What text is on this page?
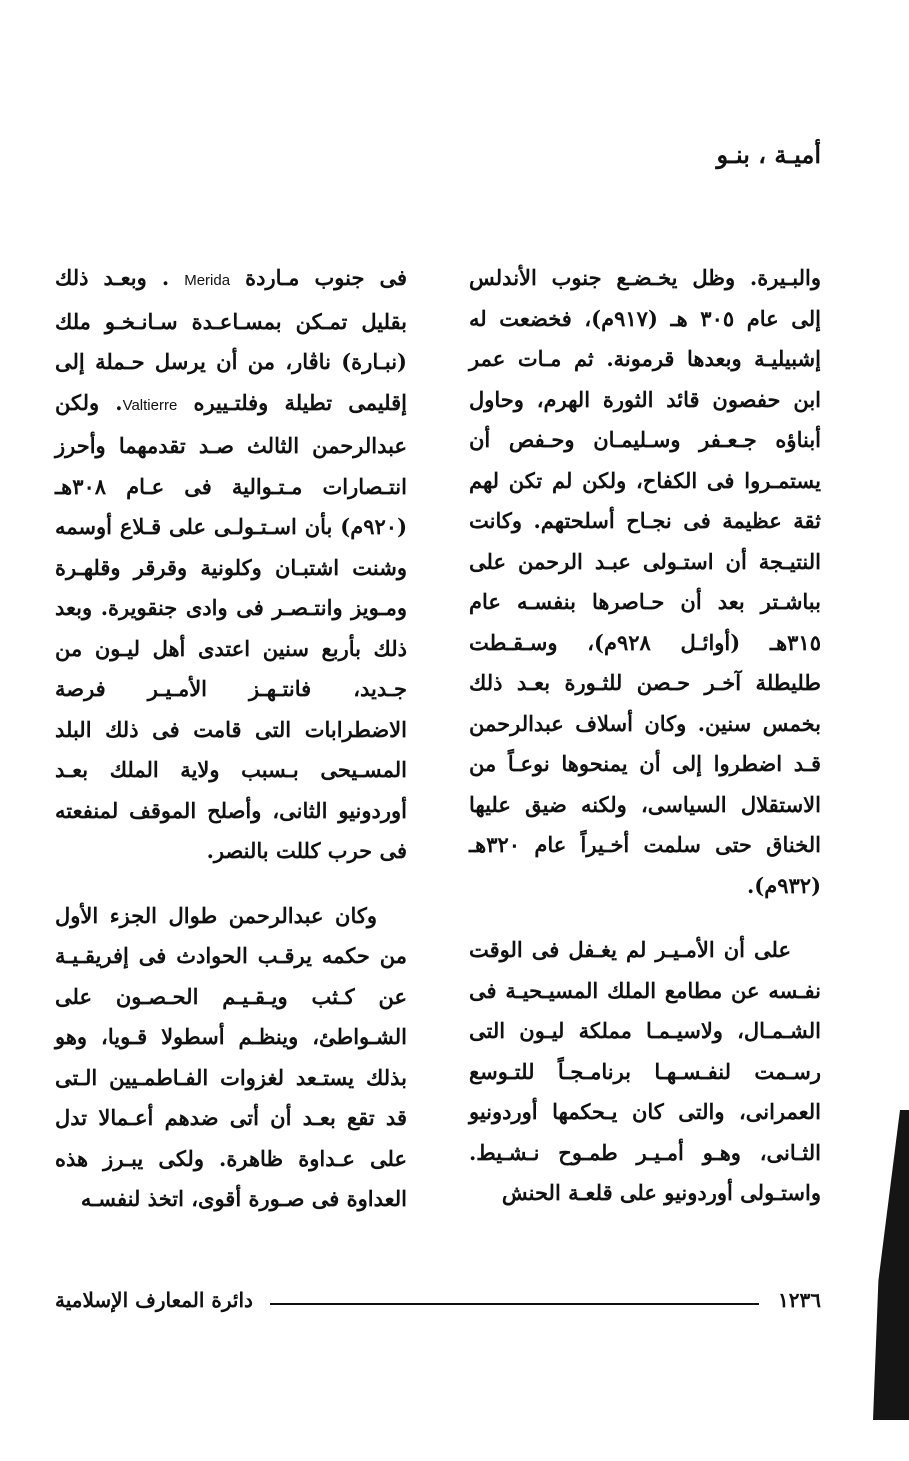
أميـة ، بنـو

والبـيرة. وظل يخـضـع جنوب الأندلس إلى عام ٣٠٥ هـ (٩١٧م)، فخضعت له إشبيليـة وبعدها قرمونة. ثم مـات عمر ابن حفصون قائد الثورة الهرم، وحاول أبناؤه جـعـفر وسـليمـان وحـفص أن يستمـروا فى الكفاح، ولكن لم تكن لهم ثقة عظيمة فى نجـاح أسلحتهم. وكانت النتيـجة أن استـولى عبـد الرحمن على بباشـتر بعد أن حـاصرها بنفسـه عام ٣١٥هـ (أوائـل ٩٢٨م)، وسـقـطت طليطلة آخـر حـصن للثـورة بعـد ذلك بخمس سنين. وكان أسلاف عبدالرحمن قـد اضطروا إلى أن يمنحوها نوعـاً من الاستقلال السياسى، ولكنه ضيق عليها الخناق حتى سلمت أخـيراً عام ٣٢٠هـ (٩٣٢م).

على أن الأمـيـر لم يغـفل فى الوقت نفـسه عن مطامع الملك المسيـحيـة فى الشـمـال، ولاسيـمـا مملكة ليـون التى رسـمت لنفـسـهـا برنامـجـاً للتـوسع العمرانى، والتى كان يـحكمها أوردونيو الثـانى، وهـو أمـيـر طمـوح نـشـيط. واستـولى أوردونيو على قلعـة الحنش

فى جنوب مـاردة Merida . وبعـد ذلك بقليل تمـكن بمسـاعـدة سـانـخـو ملك (نبـارة) ناڤار، من أن يرسل حـملة إلى إقليمى تطيلة وفلتـييره Valtierre. ولكن عبدالرحمن الثالث صـد تقدمهما وأحرز انتـصارات مـتـوالية فى عـام ٣٠٨هـ (٩٢٠م) بأن اسـتـولـى على قـلاع أوسمه وشنت اشتبـان وكلونية وقرقر وقلهـرة ومـويز وانتـصـر فى وادى جنقويرة. وبعد ذلك بأربع سنين اعتدى أهل ليـون من جـديد، فانتـهـز الأمـيـر فرصة الاضطرابات التى قامت فى ذلك البلد المسـيحى بـسبب ولاية الملك بعـد أوردونيو الثانى، وأصلح الموقف لمنفعته فى حرب كللت بالنصر.

وكان عبدالرحمن طوال الجزء الأول من حكمه يرقـب الحوادث فى إفريقـيـة عن كـثب ويـقـيـم الحـصـون على الشـواطئ، وينظـم أسطولا قـويا، وهو بذلك يستـعد لغزوات الفـاطمـيين الـتى قد تقع بعـد أن أتى ضدهم أعـمالا تدل على عـداوة ظاهرة. ولكى يبـرز هذه العداوة فى صـورة أقوى، اتخذ لنفسـه

١٢٣٦
دائرة المعارف الإسلامية
